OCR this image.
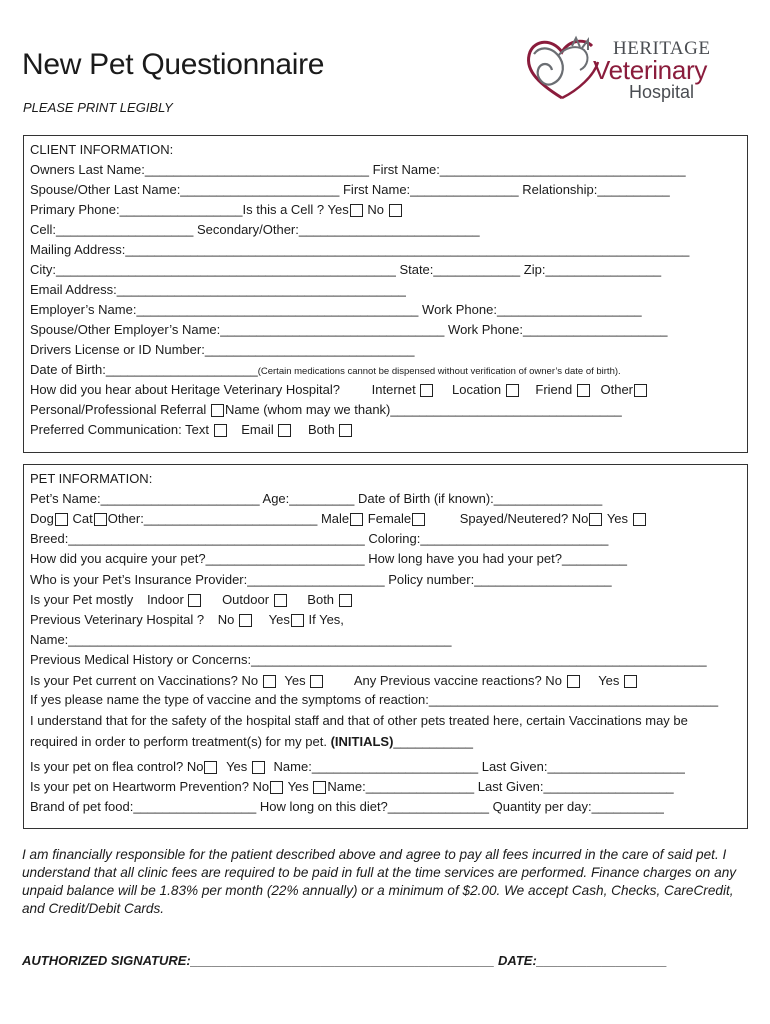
New Pet Questionnaire
PLEASE PRINT LEGIBLY
HERITAGE
Veterinary
Hospital
CLIENT INFORMATION:
Owners Last Name:_______________________________ First Name:__________________________________
Spouse/Other Last Name:______________________ First Name:_______________ Relationship:__________
Primary Phone:_________________Is this a Cell ? Yes No
Cell:___________________ Secondary/Other:_________________________
Mailing Address:______________________________________________________________________________
City:_______________________________________________ State:____________ Zip:________________
Email Address:________________________________________
Employer’s Name:_______________________________________ Work Phone:____________________
Spouse/Other Employer’s Name:_______________________________ Work Phone:____________________
Drivers License or ID Number:_____________________________
Date of Birth:_____________________(Certain medications cannot be dispensed without verification of owner’s date of birth).
How did you hear about Heritage Veterinary Hospital? Internet	Location	Friend Other
Personal/Professional Referral Name (whom may we thank)________________________________
Preferred Communication: Text Email	Both
PET INFORMATION:
Pet’s Name:______________________ Age:_________ Date of Birth (if known):_______________
Dog Cat Other:________________________ Male Female	Spayed/Neutered? No Yes
Breed:_________________________________________ Coloring:__________________________
How did you acquire your pet?______________________ How long have you had your pet?_________
Who is your Pet’s Insurance Provider:___________________ Policy number:___________________
Is your Pet mostly Indoor	Outdoor	Both
Previous Veterinary Hospital ? No	Yes If Yes,
Name:_____________________________________________________
Previous Medical History or Concerns:_______________________________________________________________
Is your Pet current on Vaccinations? No Yes	Any Previous vaccine reactions? No	Yes
If yes please name the type of vaccine and the symptoms of reaction:________________________________________
I understand that for the safety of the hospital staff and that of other pets treated here, certain Vaccinations may be
required in order to perform treatment(s) for my pet. (INITIALS)___________
Is your pet on flea control? No Yes Name:_______________________ Last Given:___________________
Is your pet on Heartworm Prevention? No Yes Name:_______________ Last Given:__________________
Brand of pet food:_________________ How long on this diet?______________ Quantity per day:__________
I am financially responsible for the patient described above and agree to pay all fees incurred in the care of said pet. I understand that all clinic fees are required to be paid in full at the time services are performed. Finance charges on any unpaid balance will be 1.83% per month (22% annually) or a minimum of $2.00. We accept Cash, Checks, CareCredit, and Credit/Debit Cards.
AUTHORIZED SIGNATURE:__________________________________________ DATE:__________________
